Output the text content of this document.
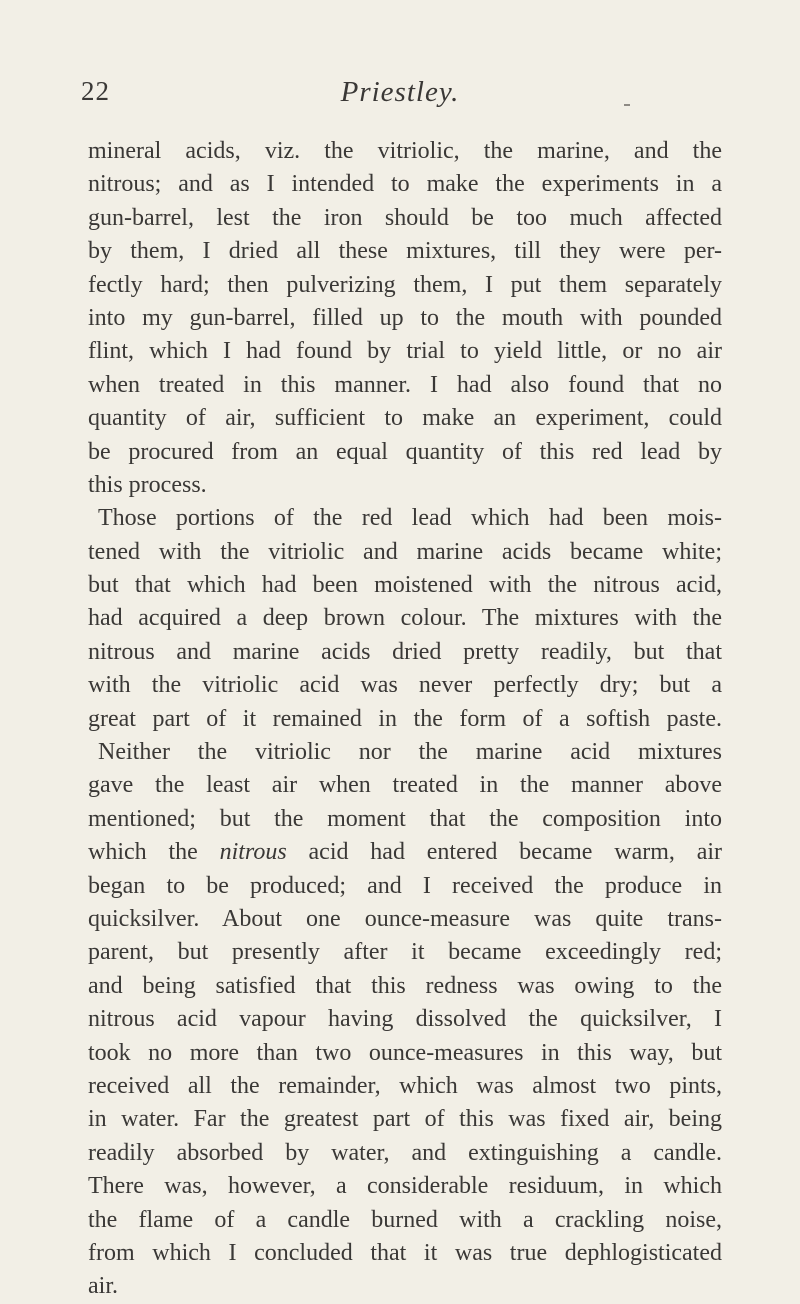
22	Priestley.

mineral acids, viz. the vitriolic, the marine, and the
nitrous; and as I intended to make the experiments in a
gun-barrel, lest the iron should be too much affected
by them, I dried all these mixtures, till they were per-
fectly hard; then pulverizing them, I put them separately
into my gun-barrel, filled up to the mouth with pounded
flint, which I had found by trial to yield little, or no air
when treated in this manner. I had also found that no
quantity of air, sufficient to make an experiment, could
be procured from an equal quantity of this red lead by
this process.
Those portions of the red lead which had been mois-
tened with the vitriolic and marine acids became white;
but that which had been moistened with the nitrous acid,
had acquired a deep brown colour. The mixtures with the
nitrous and marine acids dried pretty readily, but that
with the vitriolic acid was never perfectly dry; but a
great part of it remained in the form of a softish paste.
Neither the vitriolic nor the marine acid mixtures
gave the least air when treated in the manner above
mentioned; but the moment that the composition into
which the nitrous acid had entered became warm, air
began to be produced; and I received the produce in
quicksilver. About one ounce-measure was quite trans-
parent, but presently after it became exceedingly red;
and being satisfied that this redness was owing to the
nitrous acid vapour having dissolved the quicksilver, I
took no more than two ounce-measures in this way, but
received all the remainder, which was almost two pints,
in water. Far the greatest part of this was fixed air, being
readily absorbed by water, and extinguishing a candle.
There was, however, a considerable residuum, in which
the flame of a candle burned with a crackling noise,
from which I concluded that it was true dephlogisticated
air.
